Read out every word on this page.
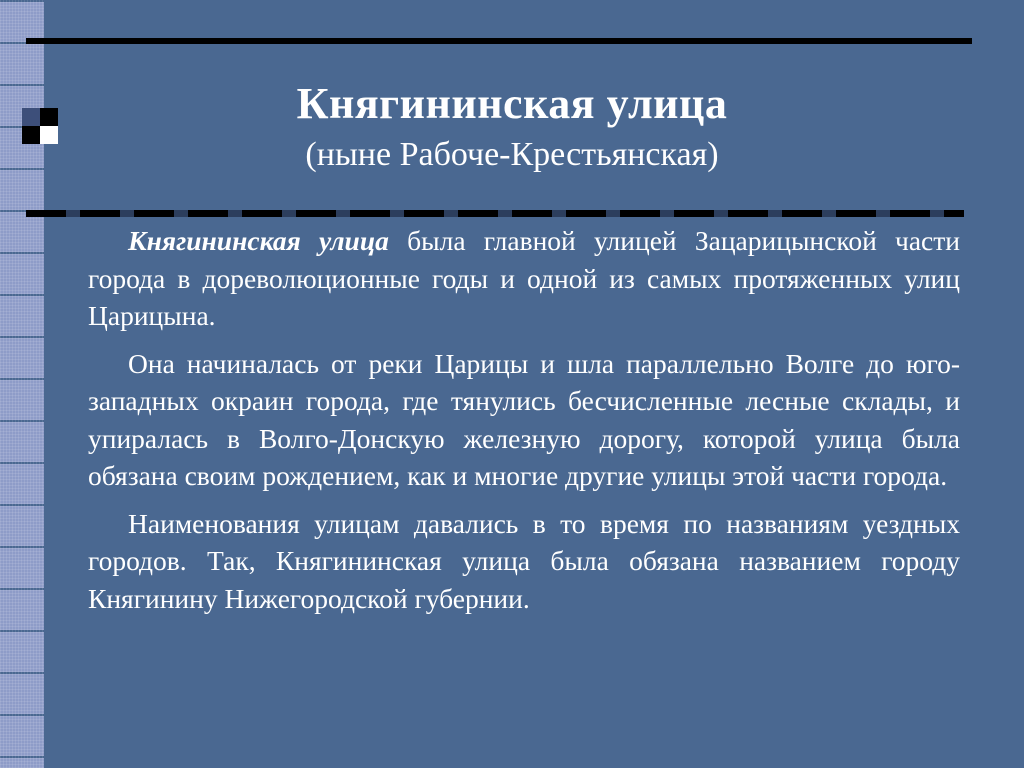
Княгининская улица
(ныне Рабоче-Крестьянская)

Княгининская улица была главной улицей Зацарицынской части города в дореволюционные годы и одной из самых протяженных улиц Царицына.

Она начиналась от реки Царицы и шла параллельно Волге до юго-западных окраин города, где тянулись бесчисленные лесные склады, и упиралась в Волго-Донскую железную дорогу, которой улица была обязана своим рождением, как и многие другие улицы этой части города.

Наименования улицам давались в то время по названиям уездных городов. Так, Княгининская улица была обязана названием городу Княгинину Нижегородской губернии.
